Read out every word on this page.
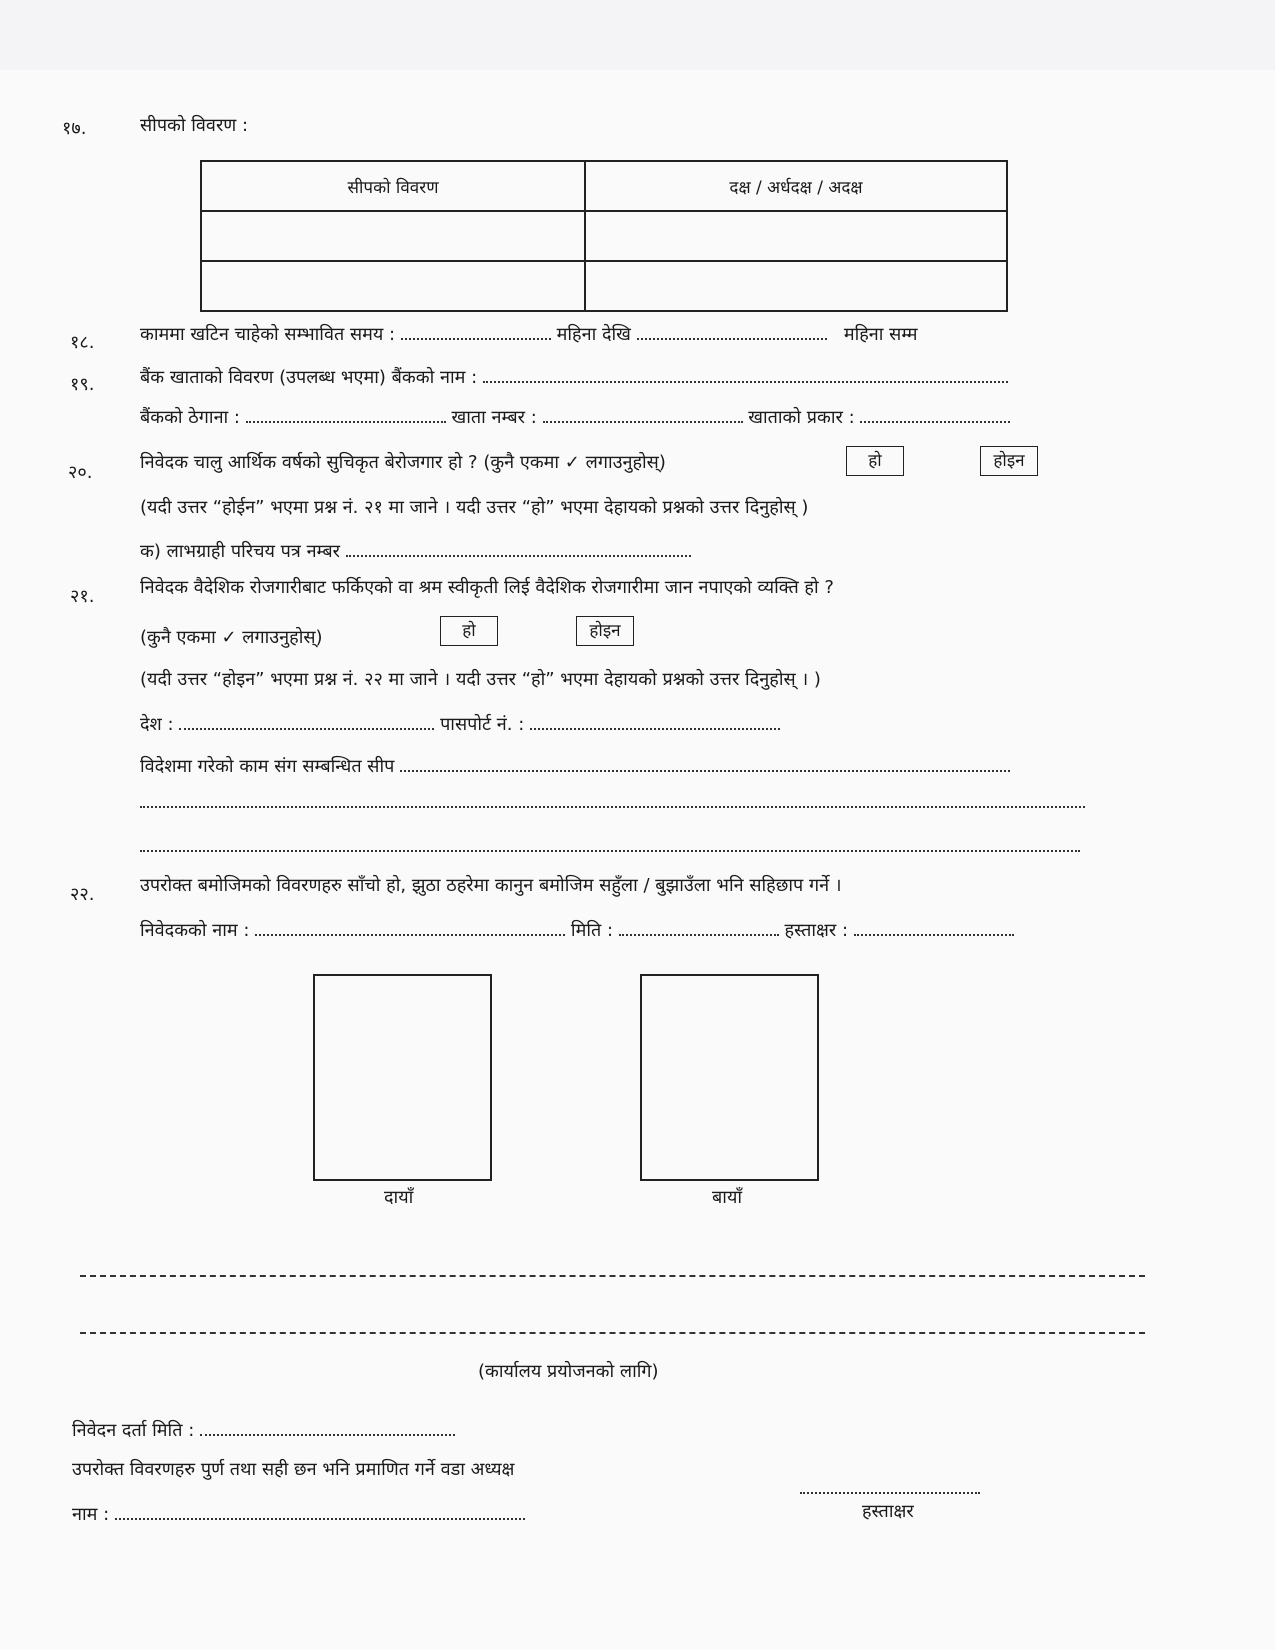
१७.	सीपको विवरण :
सीपको विवरण	दक्ष / अर्धदक्ष / अदक्ष

१८.	काममा खटिन चाहेको सम्भावित समय :	महिना देखि	महिना सम्म
१९.	बैंक खाताको विवरण (उपलब्ध भएमा) बैंकको नाम :
बैंकको ठेगाना :	खाता नम्बर :	खाताको प्रकार :
२०.	निवेदक चालु आर्थिक वर्षको सुचिकृत बेरोजगार हो ? (कुनै एकमा ✓ लगाउनुहोस्)	हो	होइन
(यदी उत्तर “होईन” भएमा प्रश्न नं. २१ मा जाने । यदी उत्तर “हो” भएमा देहायको प्रश्नको उत्तर दिनुहोस् )
क) लाभग्राही परिचय पत्र नम्बर
२१.	निवेदक वैदेशिक रोजगारीबाट फर्किएको वा श्रम स्वीकृती लिई वैदेशिक रोजगारीमा जान नपाएको व्यक्ति हो ?
(कुनै एकमा ✓ लगाउनुहोस्)	हो	होइन
(यदी उत्तर “होइन” भएमा प्रश्न नं. २२ मा जाने । यदी उत्तर “हो” भएमा देहायको प्रश्नको उत्तर दिनुहोस् । )
देश :	पासपोर्ट नं. :
विदेशमा गरेको काम संग सम्बन्धित सीप
२२.	उपरोक्त बमोजिमको विवरणहरु साँचो हो, झुठा ठहरेमा कानुन बमोजिम सहुँला / बुझाउँला भनि सहिछाप गर्ने ।
निवेदकको नाम :	मिति :	हस्ताक्षर :
दायाँ	बायाँ
(कार्यालय प्रयोजनको लागि)
निवेदन दर्ता मिति :
उपरोक्त विवरणहरु पुर्ण तथा सही छन भनि प्रमाणित गर्ने वडा अध्यक्ष
नाम :	हस्ताक्षर
